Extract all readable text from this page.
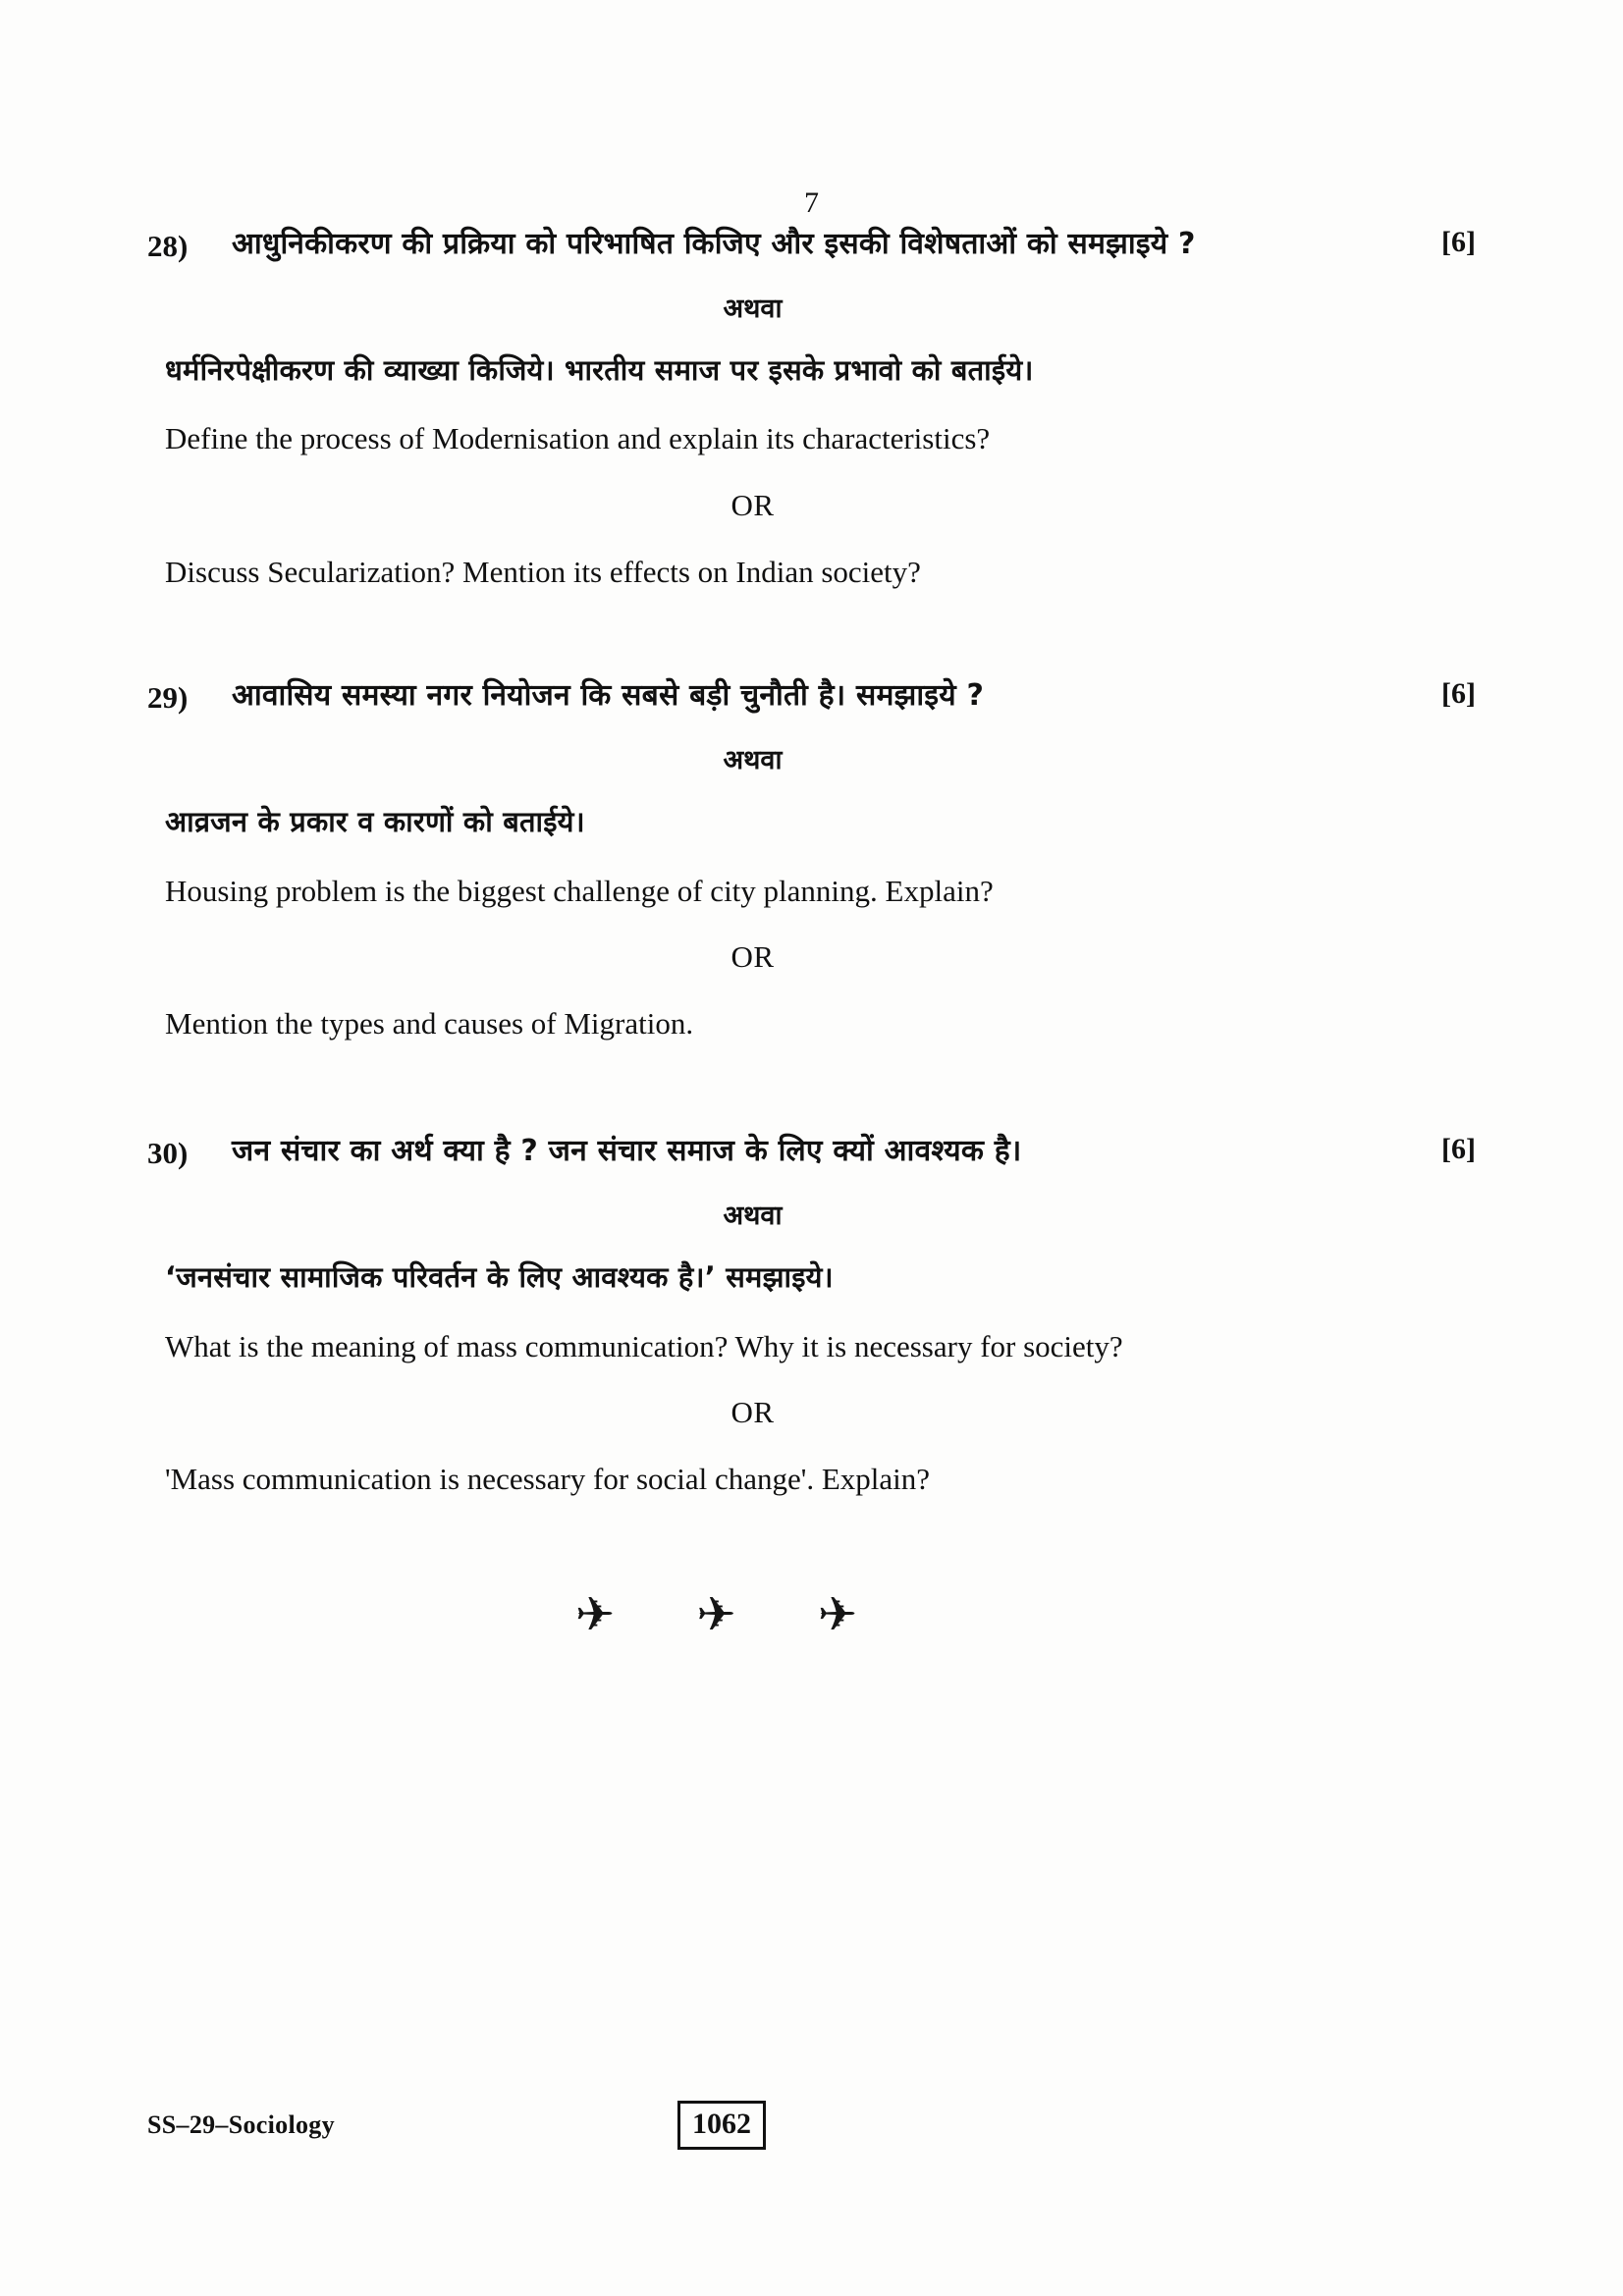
7
28)	आधुनिकीकरण की प्रक्रिया को परिभाषित किजिए और इसकी विशेषताओं को समझाइये ?	[6]
अथवा
धर्मनिरपेक्षीकरण की व्याख्या किजिये। भारतीय समाज पर इसके प्रभावो को बताईये।
Define the process of Modernisation and explain its characteristics?
OR
Discuss Secularization? Mention its effects on Indian society?
29)	आवासिय समस्या नगर नियोजन कि सबसे बड़ी चुनौती है। समझाइये ?	[6]
अथवा
आव्रजन के प्रकार व कारणों को बताईये।
Housing problem is the biggest challenge of city planning. Explain?
OR
Mention the types and causes of Migration.
30)	जन संचार का अर्थ क्या है ? जन संचार समाज के लिए क्यों आवश्यक है।	[6]
अथवा
‘जनसंचार सामाजिक परिवर्तन के लिए आवश्यक है।’ समझाइये।
What is the meaning of mass communication? Why it is necessary for society?
OR
'Mass communication is necessary for social change'. Explain?
✈ ✈ ✈
SS–29–Sociology	1062
